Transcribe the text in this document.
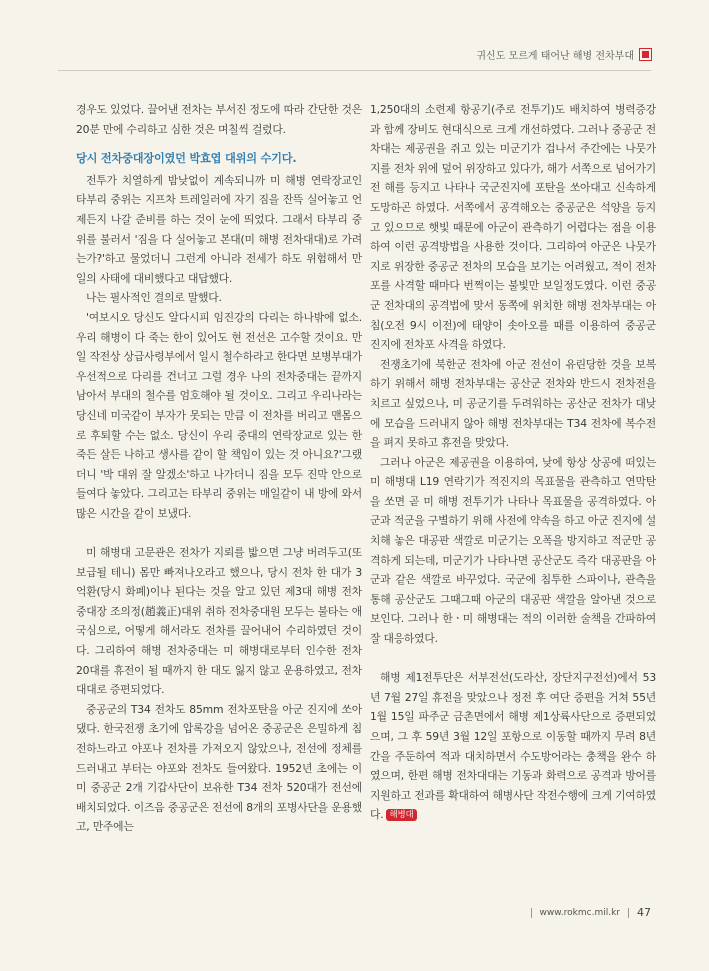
귀신도 모르게 태어난 해병 전차부대

경우도 있었다. 끌어낸 전차는 부서진 정도에 따라 간단한 것은 20분 만에 수리하고 심한 것은 며칠씩 걸렸다.

당시 전차중대장이였던 박효엽 대위의 수기다.

전투가 치열하게 밤낮없이 계속되니까 미 해병 연락장교인 타부리 중위는 지프차 트레일러에 자기 짐을 잔뜩 실어놓고 언제든지 나갈 준비를 하는 것이 눈에 띄었다. 그래서 타부리 중위를 불러서 '짐을 다 실어놓고 본대(미 해병 전차대대)로 가려는가?'하고 물었더니 그런게 아니라 전세가 하도 위험해서 만일의 사태에 대비했다고 대답했다.

나는 필사적인 결의로 말했다.

'여보시오 당신도 알다시피 임진강의 다리는 하나밖에 없소. 우리 해병이 다 죽는 한이 있어도 현 전선은 고수할 것이요. 만일 작전상 상급사령부에서 일시 철수하라고 한다면 보병부대가 우선적으로 다리를 건너고 그럴 경우 나의 전차중대는 끝까지 남아서 부대의 철수를 엄호해야 될 것이오. 그리고 우리나라는 당신네 미국같이 부자가 못되는 만큼 이 전차를 버리고 맨몸으로 후퇴할 수는 없소. 당신이 우리 중대의 연락장교로 있는 한 죽든 살든 나하고 생사를 같이 할 책임이 있는 것 아니요?'그랬더니 '박 대위 잘 알겠소'하고 나가더니 짐을 모두 진막 안으로 들여다 놓았다. 그리고는 타부리 중위는 매일같이 내 방에 와서 많은 시간을 같이 보냈다.

미 해병대 고문관은 전차가 지뢰를 밟으면 그냥 버려두고(또 보급될 테니) 몸만 빠져나오라고 했으나, 당시 전차 한 대가 3억환(당시 화폐)이나 된다는 것을 알고 있던 제3대 해병 전차중대장 조의정(趙義正)대위 취하 전차중대원 모두는 불타는 애국심으로, 어떻게 해서라도 전차를 끌어내어 수리하였던 것이다. 그리하여 해병 전차중대는 미 해병대로부터 인수한 전차 20대를 휴전이 될 때까지 한 대도 잃지 않고 운용하였고, 전차대대로 증편되었다.

중공군의 T34 전차도 85mm 전차포탄을 아군 진지에 쏘아댔다. 한국전쟁 초기에 압록강을 넘어온 중공군은 은밀하게 침전하느라고 야포나 전차를 가져오지 않았으나, 전선에 정체를 드러내고 부터는 야포와 전차도 들여왔다. 1952년 초에는 이미 중공군 2개 기갑사단이 보유한 T34 전차 520대가 전선에 배치되었다. 이즈음 중공군은 전선에 8개의 포병사단을 운용했고, 만주에는

1,250대의 소련제 항공기(주로 전투기)도 배치하여 병력증강과 함께 장비도 현대식으로 크게 개선하였다. 그러나 중공군 전차대는 제공권을 쥐고 있는 미군기가 겁나서 주간에는 나뭇가지를 전차 위에 덮어 위장하고 있다가, 해가 서쪽으로 넘어가기 전 해를 등지고 나타나 국군진지에 포탄을 쏘아대고 신속하게 도망하곤 하였다. 서쪽에서 공격해오는 중공군은 석양을 등지고 있으므로 햇빛 때문에 아군이 관측하기 어렵다는 점을 이용하여 이런 공격방법을 사용한 것이다. 그리하여 아군은 나뭇가지로 위장한 중공군 전차의 모습을 보기는 어려웠고, 적이 전차포를 사격할 때마다 번쩍이는 불빛만 보일정도였다. 이런 중공군 전차대의 공격법에 맞서 동쪽에 위치한 해병 전차부대는 아침(오전 9시 이전)에 태양이 솟아오를 때를 이용하여 중공군 진지에 전차포 사격을 하였다.

전쟁초기에 북한군 전차에 아군 전선이 유린당한 것을 보복하기 위해서 해병 전차부대는 공산군 전차와 반드시 전차전을 치르고 싶었으나, 미 공군기를 두려워하는 공산군 전차가 대낮에 모습을 드러내지 않아 해병 전차부대는 T34 전차에 복수전을 펴지 못하고 휴전을 맞았다.

그러나 아군은 제공권을 이용하여, 낮에 항상 상공에 떠있는 미 해병대 L19 연락기가 적진지의 목표물을 관측하고 연막탄을 쏘면 곧 미 해병 전투기가 나타나 목표물을 공격하였다. 아군과 적군을 구별하기 위해 사전에 약속을 하고 아군 진지에 설치해 놓은 대공판 색깔로 미군기는 오폭을 방지하고 적군만 공격하게 되는데, 미군기가 나타나면 공산군도 즉각 대공판을 아군과 같은 색깔로 바꾸었다. 국군에 침투한 스파이나, 관측을 통해 공산군도 그때그때 아군의 대공판 색깔을 알아낸 것으로 보인다. 그러나 한ㆍ미 해병대는 적의 이러한 술책을 간파하여 잘 대응하였다.

해병 제1전투단은 서부전선(도라산, 장단지구전선)에서 53년 7월 27일 휴전을 맞았으나 정전 후 여단 증편을 거쳐 55년 1월 15일 파주군 금촌면에서 해병 제1상륙사단으로 증편되었으며, 그 후 59년 3월 12일 포항으로 이동할 때까지 무려 8년간을 주둔하여 적과 대치하면서 수도방어라는 충책을 완수 하였으며, 한편 해병 전차대대는 기동과 화력으로 공격과 방어를 지원하고 전과를 확대하여 해병사단 작전수행에 크게 기여하였다. 해병대

www.rokmc.mil.kr 47
